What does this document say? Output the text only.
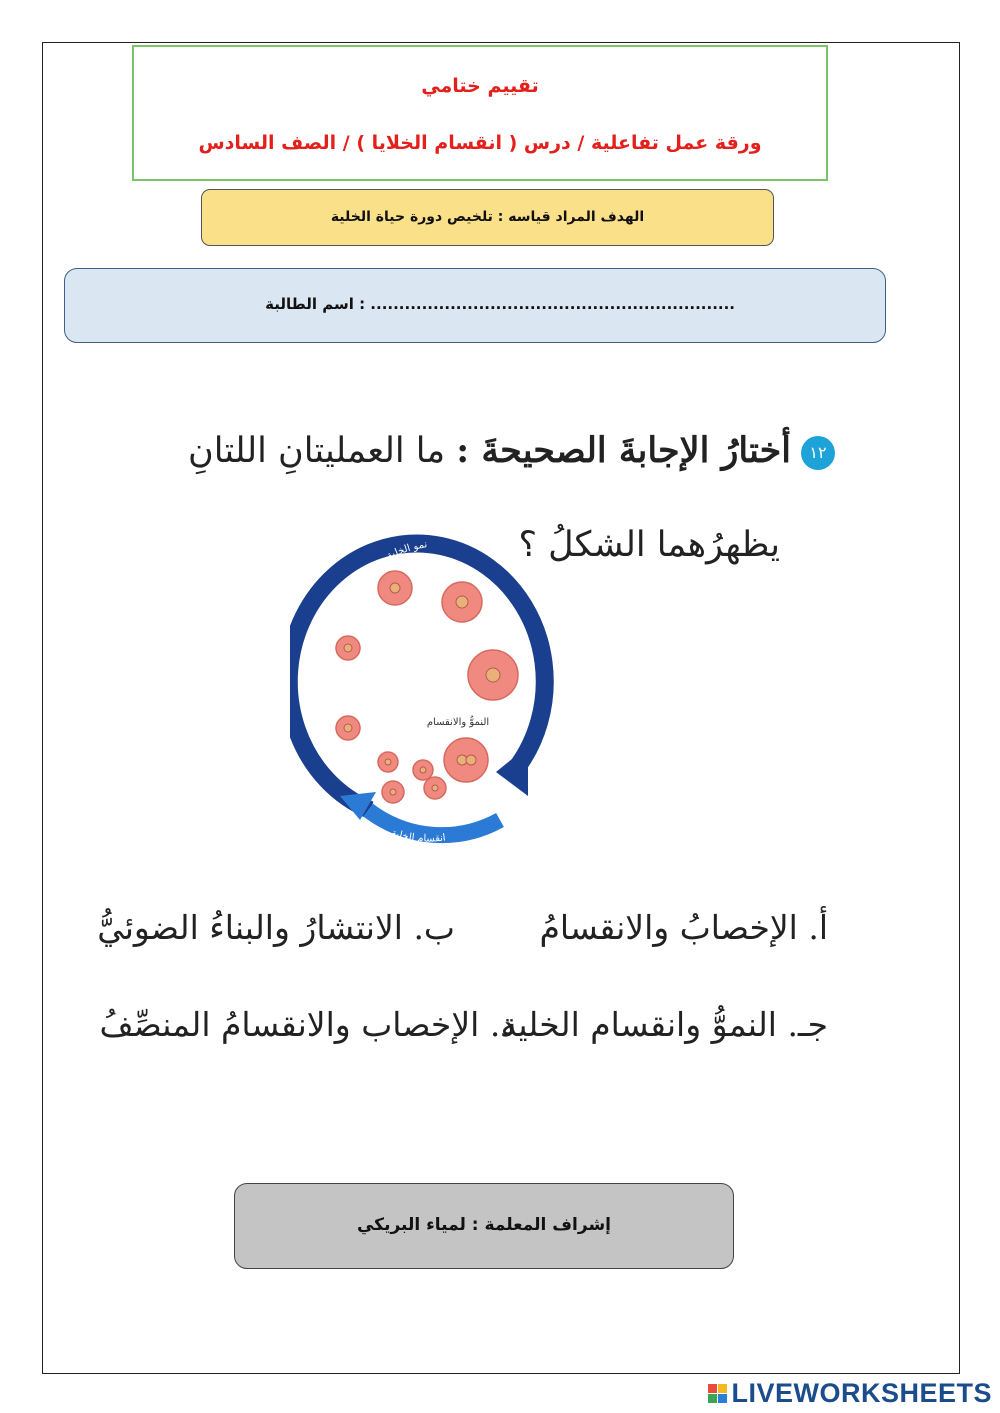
تقييم ختامي
ورقة عمل تفاعلية / درس ( انقسام الخلايا ) / الصف السادس
الهدف المراد قياسه : تلخيص دورة حياة الخلية
اسم الطالبة : ................................................................
١٢أختارُ الإجابةَ الصحيحةَ : ما العمليتانِ اللتانِ
يظهرُهما الشكلُ ؟
نمو الخلية
انقسام الخلية
النموُّ والانقسام
أ. الإخصابُ والانقسامُ
ب. الانتشارُ والبناءُ الضوئيُّ
جـ. النموُّ وانقسام الخلية
د. الإخصاب والانقسامُ المنصِّفُ
إشراف المعلمة : لمياء البريكي
LIVEWORKSHEETS
